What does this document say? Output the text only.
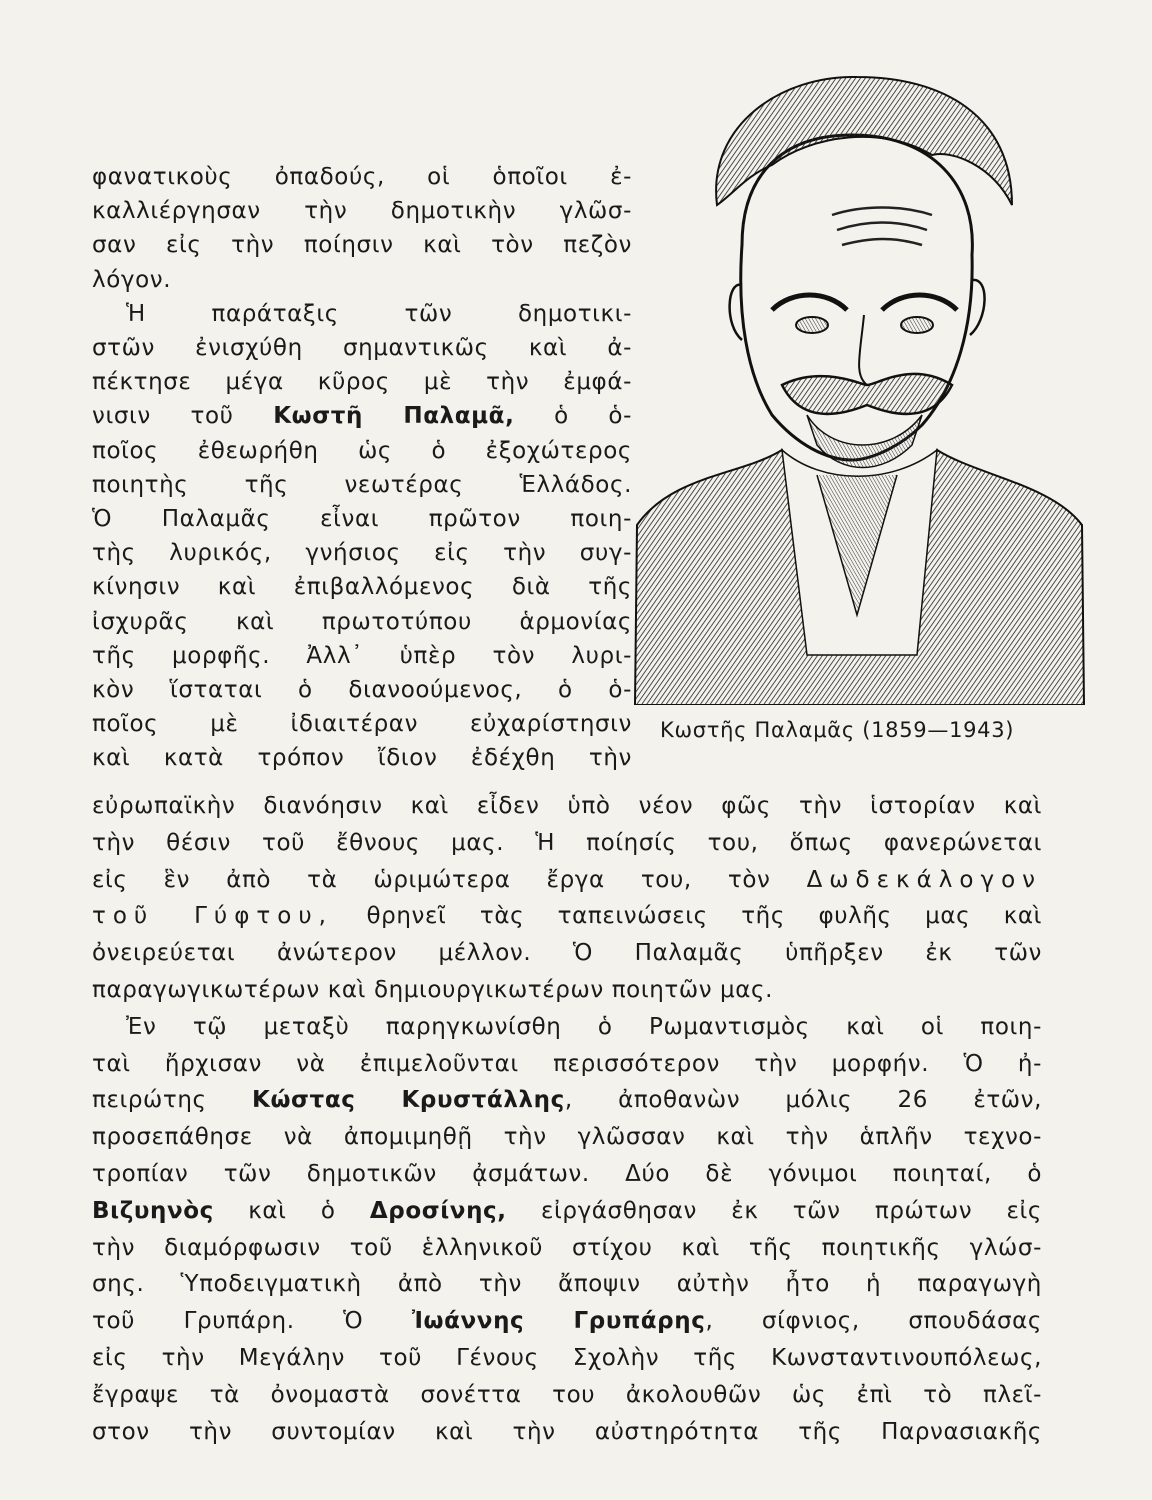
φανατικοὺς ὀπαδούς, οἱ ὁποῖοι ἐ-
καλλιέργησαν τὴν δημοτικὴν γλῶσ-
σαν εἰς τὴν ποίησιν καὶ τὸν πεζὸν
λόγον.
Ἡ παράταξις τῶν δημοτικι-
στῶν ἐνισχύθη σημαντικῶς καὶ ἀ-
πέκτησε μέγα κῦρος μὲ τὴν ἐμφά-
νισιν τοῦ Κωστῆ Παλαμᾶ, ὁ ὁ-
ποῖος ἐθεωρήθη ὡς ὁ ἐξοχώτερος
ποιητὴς τῆς νεωτέρας Ἑλλάδος.
Ὁ Παλαμᾶς εἶναι πρῶτον ποιη-
τὴς λυρικός, γνήσιος εἰς τὴν συγ-
κίνησιν καὶ ἐπιβαλλόμενος διὰ τῆς
ἰσχυρᾶς καὶ πρωτοτύπου ἁρμονίας
τῆς μορφῆς. Ἀλλ᾽ ὑπὲρ τὸν λυρι-
κὸν ἵσταται ὁ διανοούμενος, ὁ ὁ-
ποῖος μὲ ἰδιαιτέραν εὐχαρίστησιν
καὶ κατὰ τρόπον ἴδιον ἐδέχθη τὴν
Κωστῆς Παλαμᾶς (1859—1943)
εὐρωπαϊκὴν διανόησιν καὶ εἶδεν ὑπὸ νέον φῶς τὴν ἱστορίαν καὶ
τὴν θέσιν τοῦ ἔθνους μας. Ἡ ποίησίς του, ὅπως φανερώνεται
εἰς ἓν ἀπὸ τὰ ὡριμώτερα ἔργα του, τὸν Δωδεκάλογον
τοῦ Γύφτου, θρηνεῖ τὰς ταπεινώσεις τῆς φυλῆς μας καὶ
ὀνειρεύεται ἀνώτερον μέλλον. Ὁ Παλαμᾶς ὑπῆρξεν ἐκ τῶν
παραγωγικωτέρων καὶ δημιουργικωτέρων ποιητῶν μας.
Ἐν τῷ μεταξὺ παρηγκωνίσθη ὁ Ρωμαντισμὸς καὶ οἱ ποιη-
ταὶ ἤρχισαν νὰ ἐπιμελοῦνται περισσότερον τὴν μορφήν. Ὁ ἠ-
πειρώτης Κώστας Κρυστάλλης, ἀποθανὼν μόλις 26 ἐτῶν,
προσεπάθησε νὰ ἀπομιμηθῇ τὴν γλῶσσαν καὶ τὴν ἁπλῆν τεχνο-
τροπίαν τῶν δημοτικῶν ᾀσμάτων. Δύο δὲ γόνιμοι ποιηταί, ὁ
Βιζυηνὸς καὶ ὁ Δροσίνης, εἰργάσθησαν ἐκ τῶν πρώτων εἰς
τὴν διαμόρφωσιν τοῦ ἑλληνικοῦ στίχου καὶ τῆς ποιητικῆς γλώσ-
σης. Ὑποδειγματικὴ ἀπὸ τὴν ἄποψιν αὐτὴν ἦτο ἡ παραγωγὴ
τοῦ Γρυπάρη. Ὁ Ἰωάννης Γρυπάρης, σίφνιος, σπουδάσας
εἰς τὴν Μεγάλην τοῦ Γένους Σχολὴν τῆς Κωνσταντινουπόλεως,
ἔγραψε τὰ ὀνομαστὰ σονέττα του ἀκολουθῶν ὡς ἐπὶ τὸ πλεῖ-
στον τὴν συντομίαν καὶ τὴν αὐστηρότητα τῆς Παρνασιακῆς
